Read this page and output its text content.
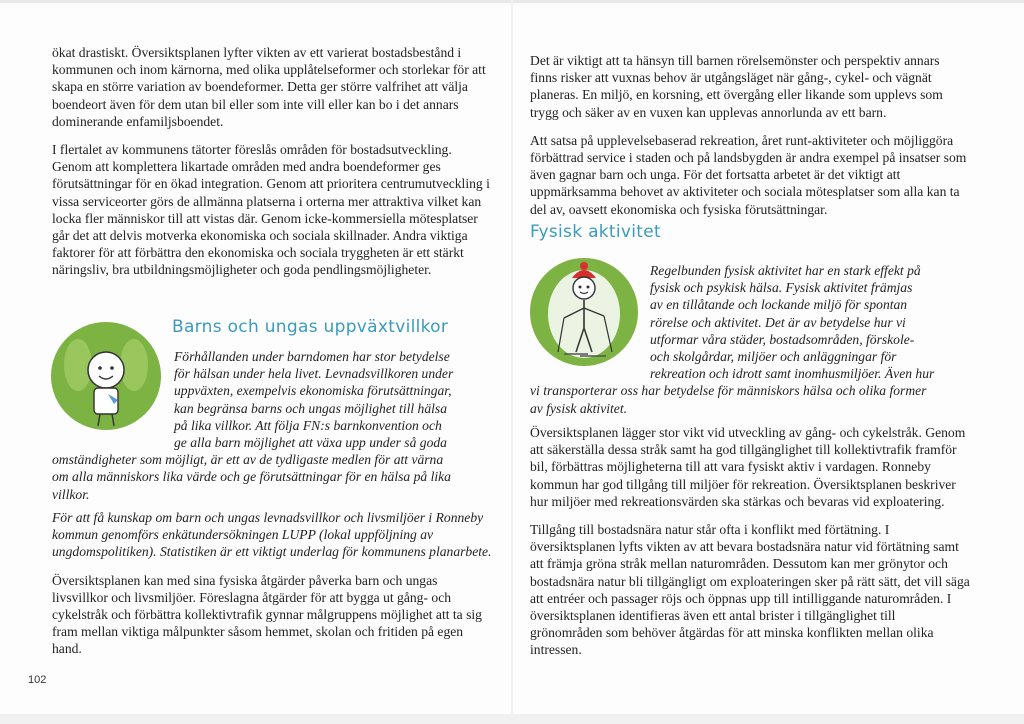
ökat drastiskt. Översiktsplanen lyfter vikten av ett varierat bostadsbestånd i kommunen och inom kärnorna, med olika upplåtelseformer och storlekar för att skapa en större variation av boendeformer. Detta ger större valfrihet att välja boendeort även för dem utan bil eller som inte vill eller kan bo i det annars dominerande enfamiljsboendet.

I flertalet av kommunens tätorter föreslås områden för bostadsutveckling. Genom att komplettera likartade områden med andra boendeformer ges förutsättningar för en ökad integration. Genom att prioritera centrumutveckling i vissa serviceorter görs de allmänna platserna i orterna mer attraktiva vilket kan locka fler människor till att vistas där. Genom icke-kommersiella mötesplatser går det att delvis motverka ekonomiska och sociala skillnader. Andra viktiga faktorer för att förbättra den ekonomiska och sociala tryggheten är ett stärkt näringsliv, bra utbildningsmöjligheter och goda pendlingsmöjligheter.

Barns och ungas uppväxtvillkor
Förhållanden under barndomen har stor betydelse
för hälsan under hela livet. Levnadsvillkoren under
uppväxten, exempelvis ekonomiska förutsättningar,
kan begränsa barns och ungas möjlighet till hälsa
på lika villkor. Att följa FN:s barnkonvention och
ge alla barn möjlighet att växa upp under så goda
omständigheter som möjligt, är ett av de tydligaste medlen för att värna
om alla människors lika värde och ge förutsättningar för en hälsa på lika
villkor.

För att få kunskap om barn och ungas levnadsvillkor och livsmiljöer i Ronneby kommun genomförs enkätundersökningen LUPP (lokal uppföljning av ungdomspolitiken). Statistiken är ett viktigt underlag för kommunens planarbete.

Översiktsplanen kan med sina fysiska åtgärder påverka barn och ungas livsvillkor och livsmiljöer. Föreslagna åtgärder för att bygga ut gång- och cykelstråk och förbättra kollektivtrafik gynnar målgruppens möjlighet att ta sig fram mellan viktiga målpunkter såsom hemmet, skolan och fritiden på egen hand.

102

Det är viktigt att ta hänsyn till barnen rörelsemönster och perspektiv annars finns risker att vuxnas behov är utgångsläget när gång-, cykel- och vägnät planeras. En miljö, en korsning, ett övergång eller likande som upplevs som trygg och säker av en vuxen kan upplevas annorlunda av ett barn.

Att satsa på upplevelsebaserad rekreation, året runt-aktiviteter och möjliggöra förbättrad service i staden och på landsbygden är andra exempel på insatser som även gagnar barn och unga. För det fortsatta arbetet är det viktigt att uppmärksamma behovet av aktiviteter och sociala mötesplatser som alla kan ta del av, oavsett ekonomiska och fysiska förutsättningar.

Fysisk aktivitet
Regelbunden fysisk aktivitet har en stark effekt på
fysisk och psykisk hälsa. Fysisk aktivitet främjas
av en tillåtande och lockande miljö för spontan
rörelse och aktivitet. Det är av betydelse hur vi
utformar våra städer, bostadsområden, förskole-
och skolgårdar, miljöer och anläggningar för
rekreation och idrott samt inomhusmiljöer. Även hur
vi transporterar oss har betydelse för människors hälsa och olika former
av fysisk aktivitet.

Översiktsplanen lägger stor vikt vid utveckling av gång- och cykelstråk. Genom att säkerställa dessa stråk samt ha god tillgänglighet till kollektivtrafik framför bil, förbättras möjligheterna till att vara fysiskt aktiv i vardagen. Ronneby kommun har god tillgång till miljöer för rekreation. Översiktsplanen beskriver hur miljöer med rekreationsvärden ska stärkas och bevaras vid exploatering.

Tillgång till bostadsnära natur står ofta i konflikt med förtätning. I översiktsplanen lyfts vikten av att bevara bostadsnära natur vid förtätning samt att främja gröna stråk mellan naturområden. Dessutom kan mer grönytor och bostadsnära natur bli tillgängligt om exploateringen sker på rätt sätt, det vill säga att entréer och passager röjs och öppnas upp till intilliggande naturområden. I översiktsplanen identifieras även ett antal brister i tillgänglighet till grönområden som behöver åtgärdas för att minska konflikten mellan olika intressen.
